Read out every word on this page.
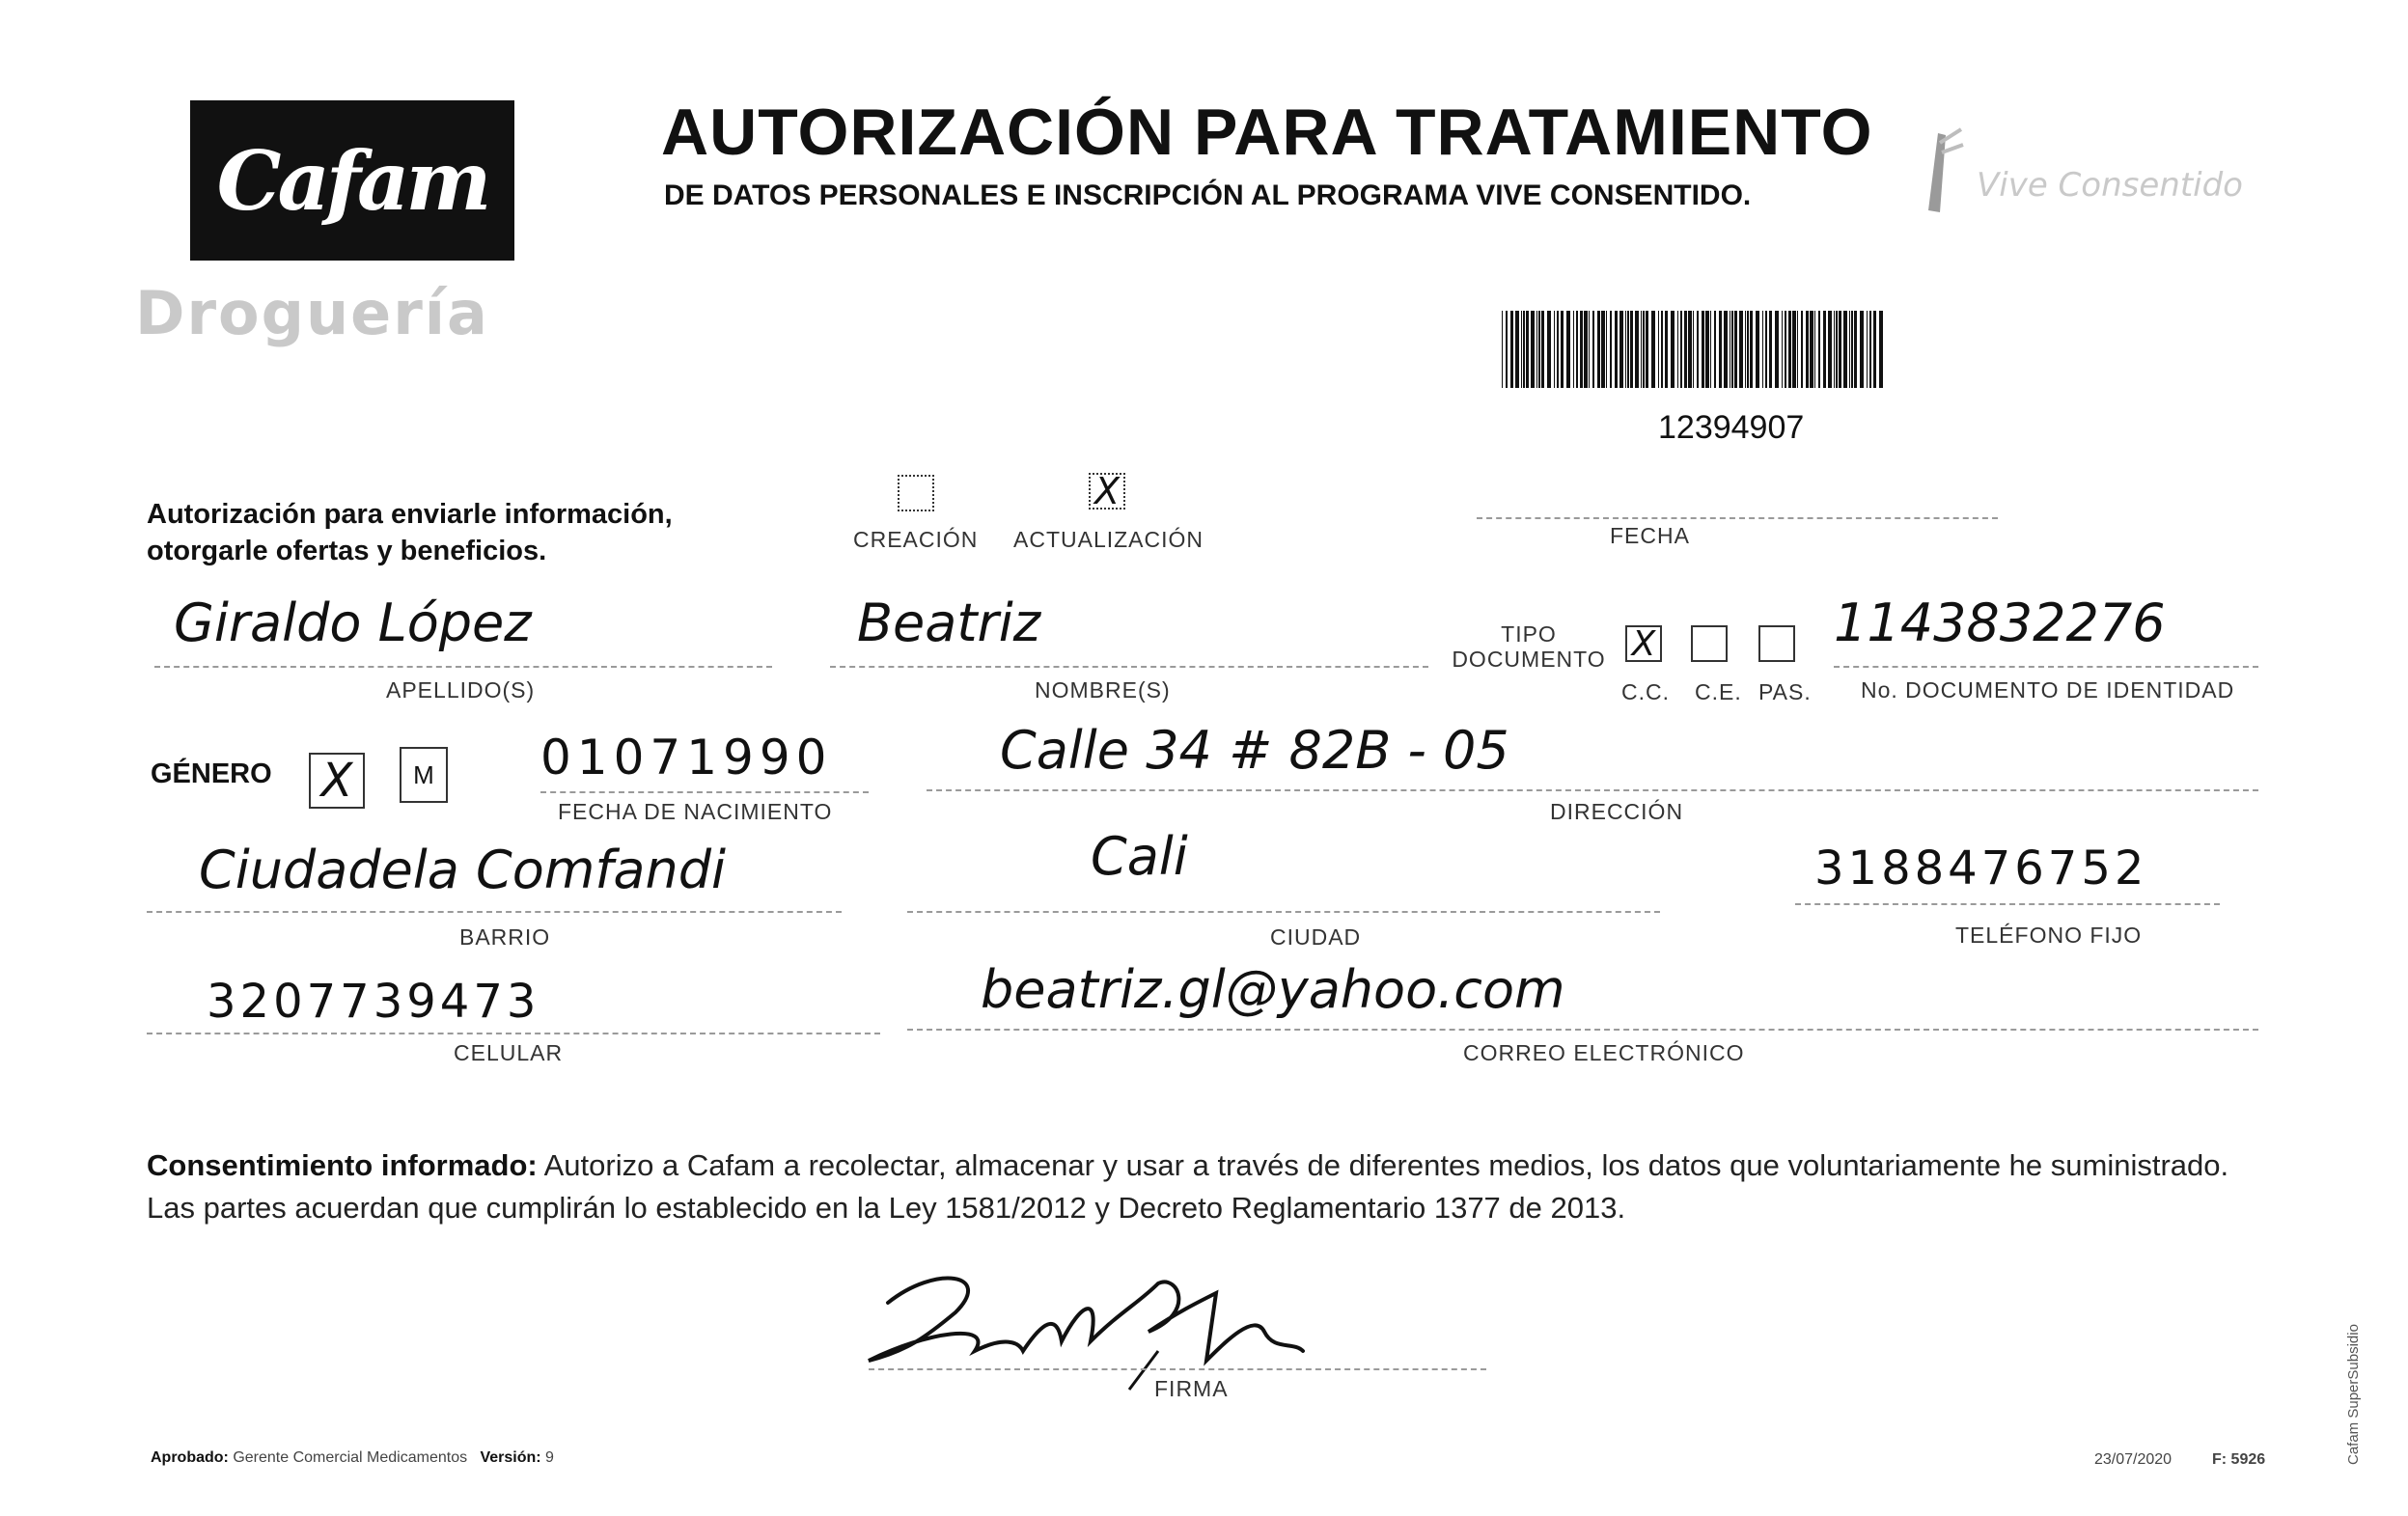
Cafam
AUTORIZACIÓN PARA TRATAMIENTO
DE DATOS PERSONALES E INSCRIPCIÓN AL PROGRAMA VIVE CONSENTIDO.
Droguería
Vive Consentido
12394907
Autorización para enviarle información, otorgarle ofertas y beneficios.	CREACIÓN
X
ACTUALIZACIÓN	FECHA
Giraldo López
APELLIDO(S)
Beatriz
NOMBRE(S)
TIPO DOCUMENTO X
C.C. C.E. PAS.
1143832276
No. DOCUMENTO DE IDENTIDAD
GÉNERO X M 01071990
FECHA DE NACIMIENTO
Calle 34 # 82B - 05
DIRECCIÓN
Ciudadela Comfandi
BARRIO
Cali
CIUDAD
3188476752
TELÉFONO FIJO
3207739473
CELULAR
beatriz.gl@yahoo.com
CORREO ELECTRÓNICO
Consentimiento informado: Autorizo a Cafam a recolectar, almacenar y usar a través de diferentes medios, los datos que voluntariamente he suministrado. Las partes acuerdan que cumplirán lo establecido en la Ley 1581/2012 y Decreto Reglamentario 1377 de 2013.
FIRMA
Aprobado: Gerente Comercial Medicamentos Versión: 9	23/07/2020	F: 5926	Cafam SuperSubsidio
